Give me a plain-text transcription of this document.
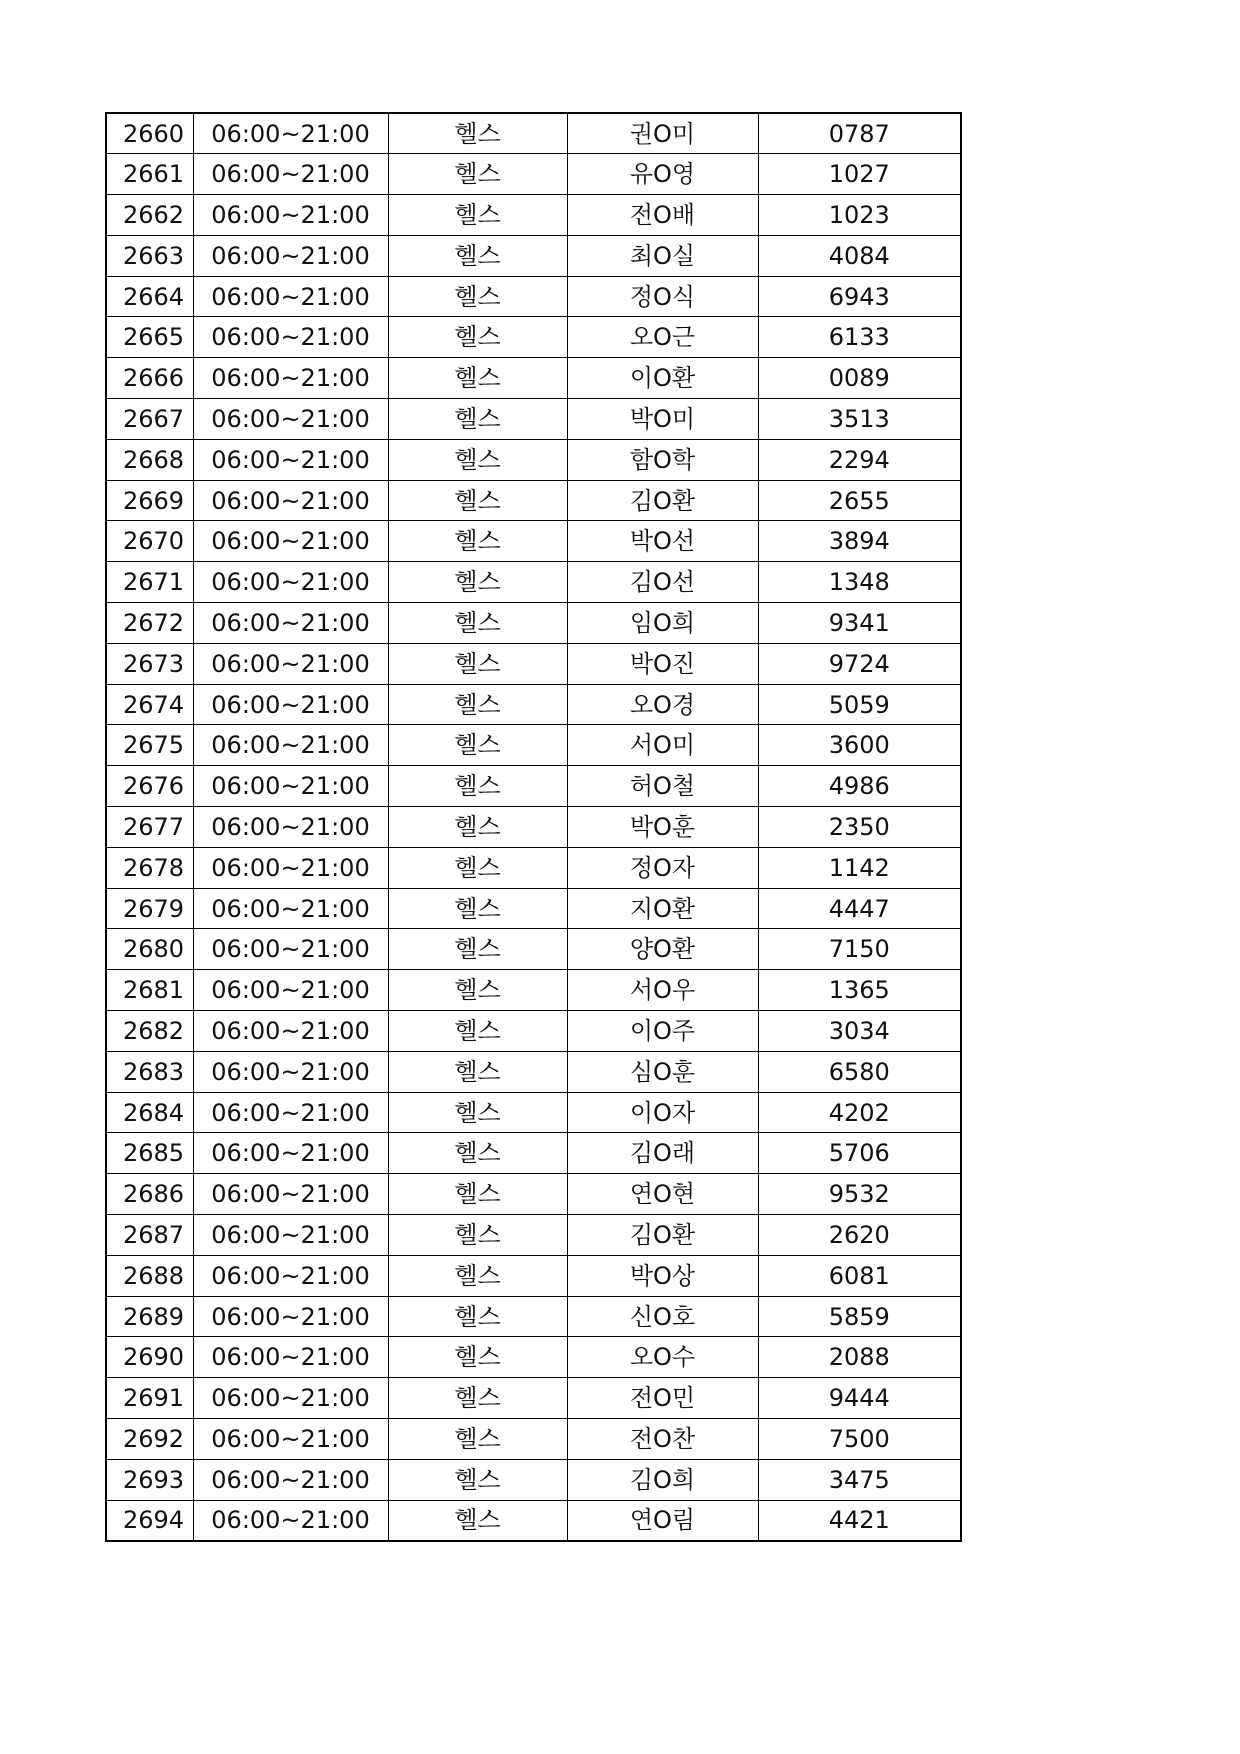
2660	06:00~21:00	헬스	권O미	0787
2661	06:00~21:00	헬스	유O영	1027
2662	06:00~21:00	헬스	전O배	1023
2663	06:00~21:00	헬스	최O실	4084
2664	06:00~21:00	헬스	정O식	6943
2665	06:00~21:00	헬스	오O근	6133
2666	06:00~21:00	헬스	이O환	0089
2667	06:00~21:00	헬스	박O미	3513
2668	06:00~21:00	헬스	함O학	2294
2669	06:00~21:00	헬스	김O환	2655
2670	06:00~21:00	헬스	박O선	3894
2671	06:00~21:00	헬스	김O선	1348
2672	06:00~21:00	헬스	임O희	9341
2673	06:00~21:00	헬스	박O진	9724
2674	06:00~21:00	헬스	오O경	5059
2675	06:00~21:00	헬스	서O미	3600
2676	06:00~21:00	헬스	허O철	4986
2677	06:00~21:00	헬스	박O훈	2350
2678	06:00~21:00	헬스	정O자	1142
2679	06:00~21:00	헬스	지O환	4447
2680	06:00~21:00	헬스	양O환	7150
2681	06:00~21:00	헬스	서O우	1365
2682	06:00~21:00	헬스	이O주	3034
2683	06:00~21:00	헬스	심O훈	6580
2684	06:00~21:00	헬스	이O자	4202
2685	06:00~21:00	헬스	김O래	5706
2686	06:00~21:00	헬스	연O현	9532
2687	06:00~21:00	헬스	김O환	2620
2688	06:00~21:00	헬스	박O상	6081
2689	06:00~21:00	헬스	신O호	5859
2690	06:00~21:00	헬스	오O수	2088
2691	06:00~21:00	헬스	전O민	9444
2692	06:00~21:00	헬스	전O찬	7500
2693	06:00~21:00	헬스	김O희	3475
2694	06:00~21:00	헬스	연O림	4421
